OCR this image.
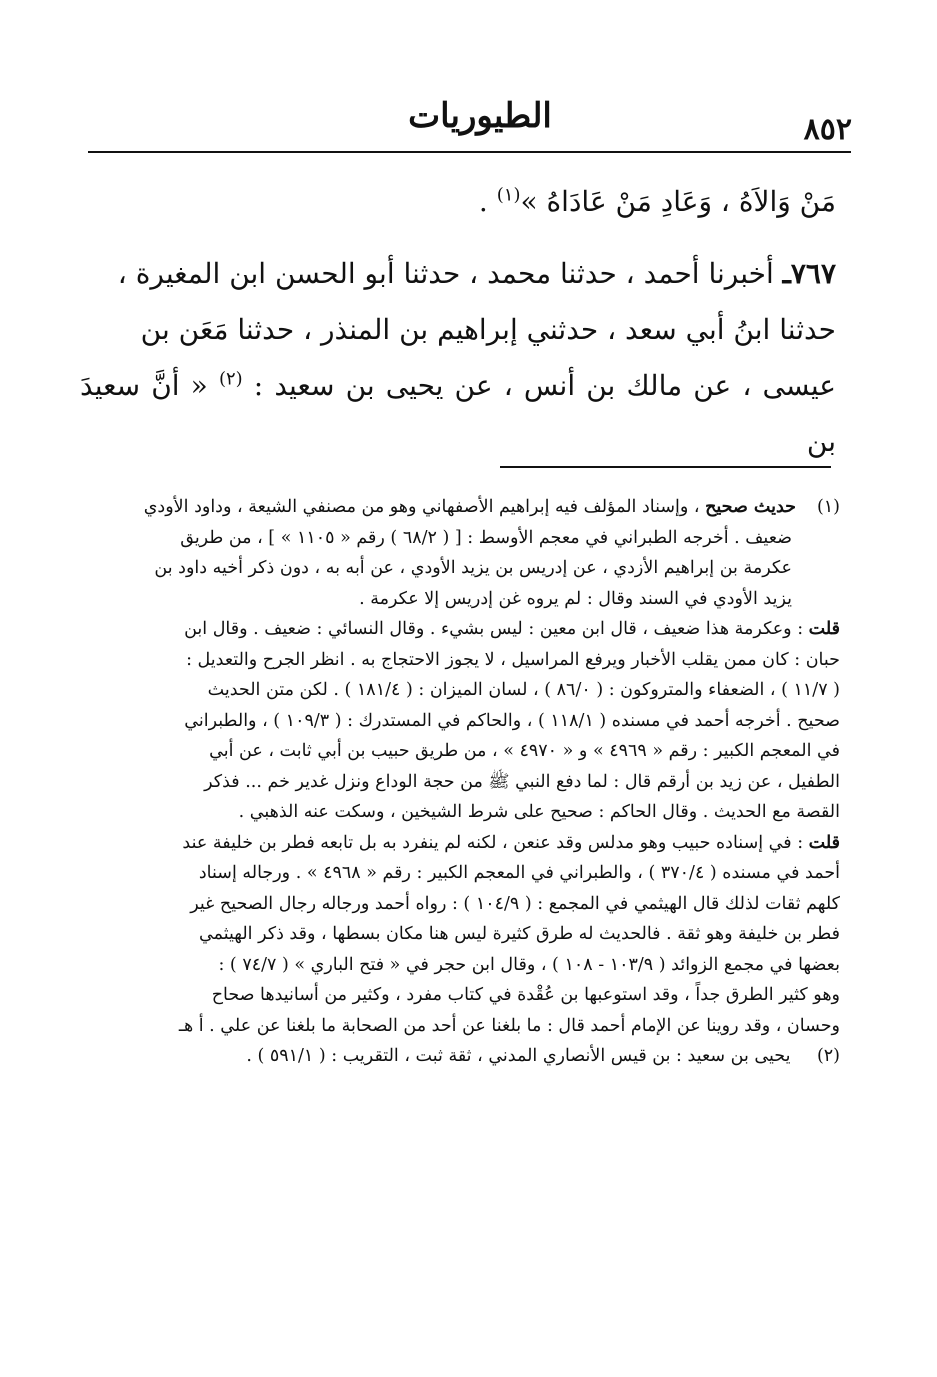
٨٥٢
الطيوريات

مَنْ وَالاَهُ ، وَعَادِ مَنْ عَادَاهُ »$^{(١)}$ .

٧٦٧ـ أخبرنا أحمد ، حدثنا محمد ، حدثنا أبو الحسن ابن المغيرة ،

حدثنا ابنُ أبي سعد ، حدثني إبراهيم بن المنذر ، حدثنا مَعَن بن

عيسى ، عن مالك بن أنس ، عن يحيى بن سعيد : $^{(٢)}$ « أنَّ سعيدَ بن

(١)حديث صحيح ، وإسناد المؤلف فيه إبراهيم الأصفهاني وهو من مصنفي الشيعة ، وداود الأودي
ضعيف . أخرجه الطبراني في معجم الأوسط : [ ( ٦٨/٢ ) رقم « ١١٠٥ » ] ، من طريق
عكرمة بن إبراهيم الأزدي ، عن إدريس بن يزيد الأودي ، عن أبه به ، دون ذكر أخيه داود بن
يزيد الأودي في السند وقال : لم يروه غن إدريس إلا عكرمة .
قلت : وعكرمة هذا ضعيف ، قال ابن معين : ليس بشيء . وقال النسائي : ضعيف . وقال ابن
حبان : كان ممن يقلب الأخبار ويرفع المراسيل ، لا يجوز الاحتجاج به . انظر الجرح والتعديل :
( ١١/٧ ) ، الضعفاء والمتروكون : ( ٨٦/٠ ) ، لسان الميزان : ( ١٨١/٤ ) . لكن متن الحديث
صحيح . أخرجه أحمد في مسنده ( ١١٨/١ ) ، والحاكم في المستدرك : ( ١٠٩/٣ ) ، والطبراني
في المعجم الكبير : رقم « ٤٩٦٩ » و « ٤٩٧٠ » ، من طريق حبيب بن أبي ثابت ، عن أبي
الطفيل ، عن زيد بن أرقم قال : لما دفع النبي ﷺ من حجة الوداع ونزل غدير خم ... فذكر
القصة مع الحديث . وقال الحاكم : صحيح على شرط الشيخين ، وسكت عنه الذهبي .
قلت : في إسناده حبيب وهو مدلس وقد عنعن ، لكنه لم ينفرد به بل تابعه فطر بن خليفة عند
أحمد في مسنده ( ٣٧٠/٤ ) ، والطبراني في المعجم الكبير : رقم « ٤٩٦٨ » . ورجاله إسناد
كلهم ثقات لذلك قال الهيثمي في المجمع : ( ١٠٤/٩ ) : رواه أحمد ورجاله رجال الصحيح غير
فطر بن خليفة وهو ثقة . فالحديث له طرق كثيرة ليس هنا مكان بسطها ، وقد ذكر الهيثمي
بعضها في مجمع الزوائد ( ١٠٣/٩ - ١٠٨ ) ، وقال ابن حجر في « فتح الباري » ( ٧٤/٧ ) :
وهو كثير الطرق جداً ، وقد استوعبها بن عُقْدة في كتاب مفرد ، وكثير من أسانيدها صحاح
وحسان ، وقد روينا عن الإمام أحمد قال : ما بلغنا عن أحد من الصحابة ما بلغنا عن علي . أ هـ
(٢) يحيى بن سعيد : بن قيس الأنصاري المدني ، ثقة ثبت ، التقريب : ( ٥٩١/١ ) .
